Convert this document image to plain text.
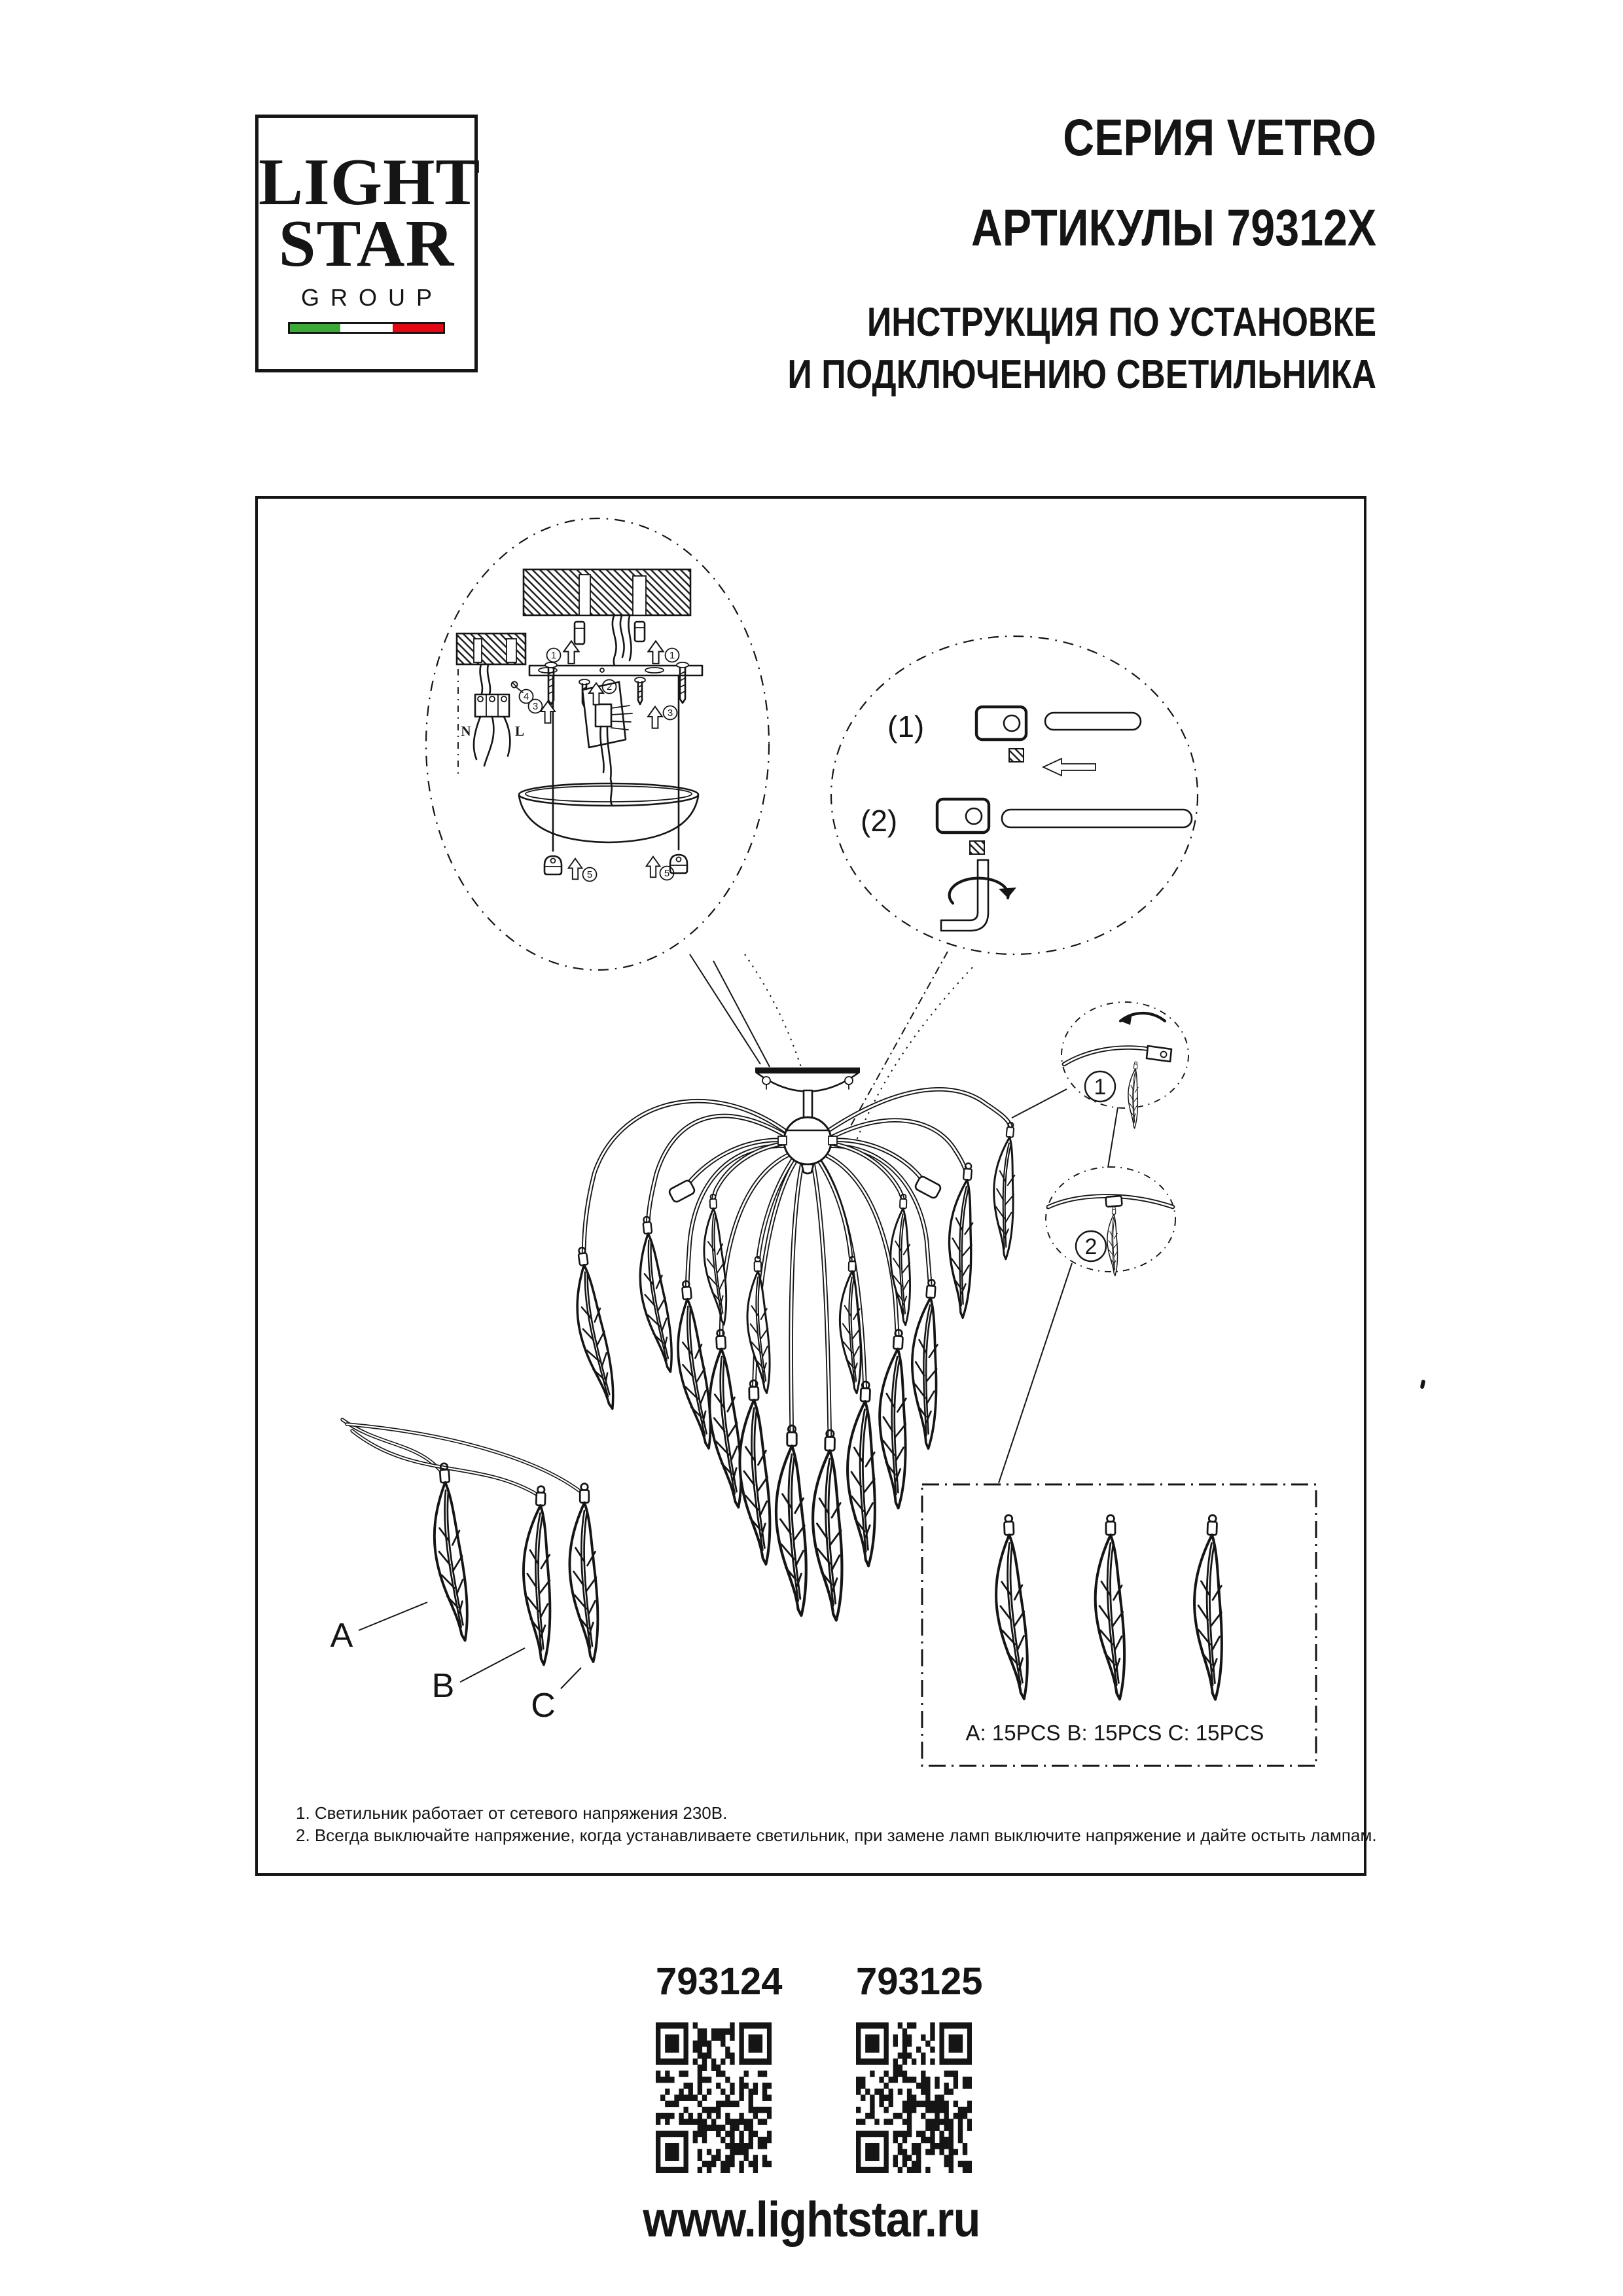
LIGHT
STAR
GROUP
СЕРИЯ VETRO
АРТИКУЛЫ 79312X
ИНСТРУКЦИЯ ПО УСТАНОВКЕ
И ПОДКЛЮЧЕНИЮ СВЕТИЛЬНИКА
N	L
1	1
2
3
3
4
5	5
(1)
(2)
1
2
A
B
C
A: 15PCS B: 15PCS C: 15PCS
1. Светильник работает от сетевого напряжения 230В.
2. Всегда выключайте напряжение, когда устанавливаете светильник, при замене ламп выключите напряжение и дайте остыть лампам.
793124 793125
www.lightstar.ru
